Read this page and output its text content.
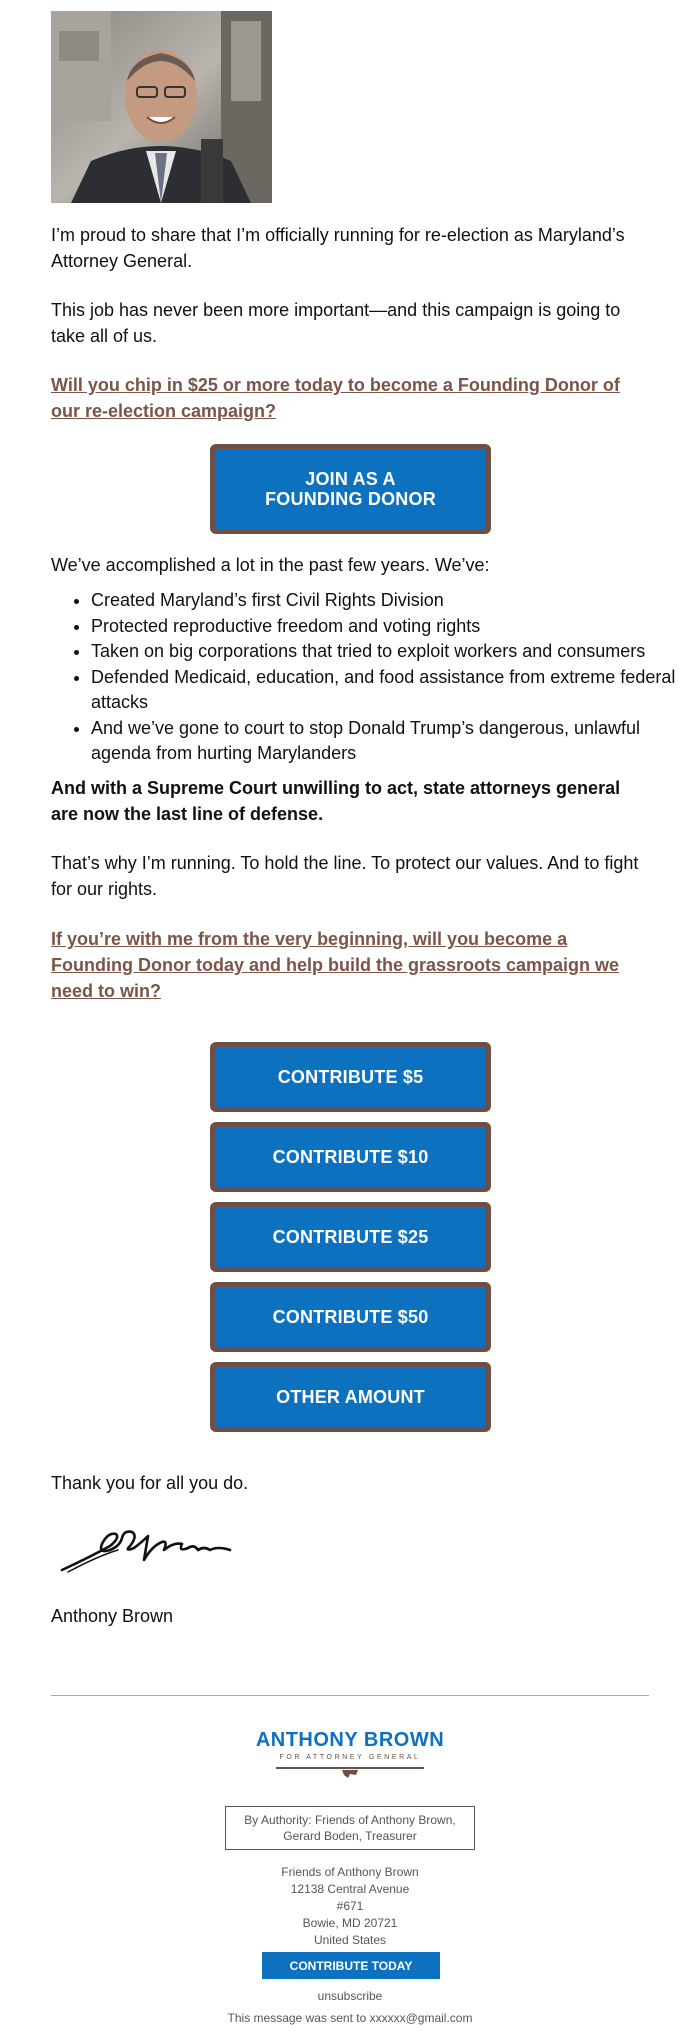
I’m proud to share that I’m officially running for re-election as Maryland’s Attorney General.

This job has never been more important—and this campaign is going to take all of us.

Will you chip in $25 or more today to become a Founding Donor of our re-election campaign?
JOIN AS A FOUNDING DONOR

We’ve accomplished a lot in the past few years. We’ve:

• Created Maryland’s first Civil Rights Division
• Protected reproductive freedom and voting rights
• Taken on big corporations that tried to exploit workers and consumers
• Defended Medicaid, education, and food assistance from extreme federal attacks
• And we’ve gone to court to stop Donald Trump’s dangerous, unlawful agenda from hurting Marylanders

And with a Supreme Court unwilling to act, state attorneys general are now the last line of defense.

That’s why I’m running. To hold the line. To protect our values. And to fight for our rights.

If you’re with me from the very beginning, will you become a Founding Donor today and help build the grassroots campaign we need to win?
CONTRIBUTE $5
CONTRIBUTE $10
CONTRIBUTE $25
CONTRIBUTE $50
OTHER AMOUNT

Thank you for all you do.

Anthony Brown

ANTHONY BROWN
FOR ATTORNEY GENERAL
By Authority: Friends of Anthony Brown, Gerard Boden, Treasurer
Friends of Anthony Brown
12138 Central Avenue
#671
Bowie, MD 20721
United States
CONTRIBUTE TODAY
unsubscribe
This message was sent to xxxxxx@gmail.com
